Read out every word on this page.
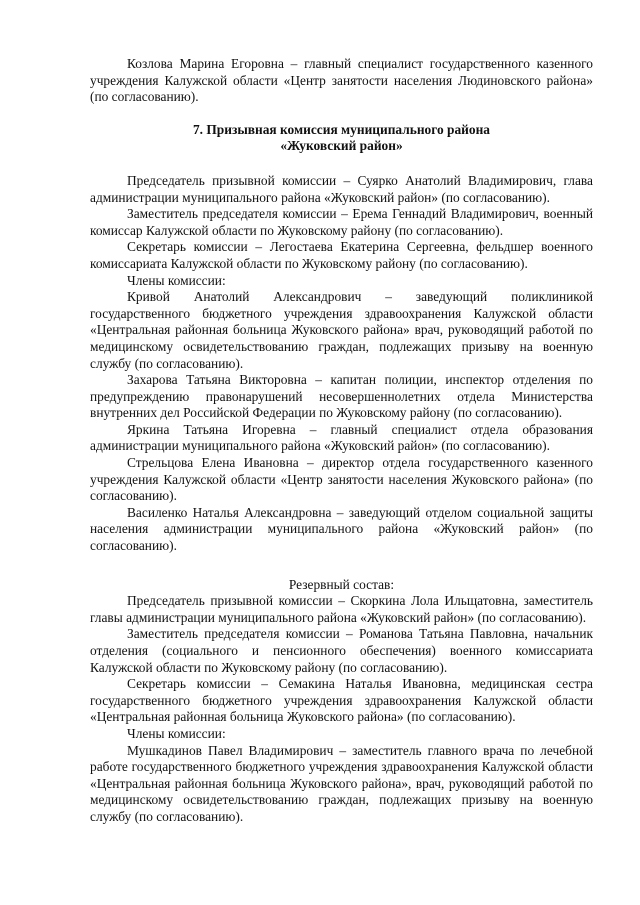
Козлова Марина Егоровна – главный специалист государственного казенного учреждения Калужской области «Центр занятости населения Людиновского района» (по согласованию).

7. Призывная комиссия муниципального района
«Жуковский район»

Председатель призывной комиссии – Суярко Анатолий Владимирович, глава администрации муниципального района «Жуковский район» (по согласованию).

Заместитель председателя комиссии – Ерема Геннадий Владимирович, военный комиссар Калужской области по Жуковскому району (по согласованию).

Секретарь комиссии – Легостаева Екатерина Сергеевна, фельдшер военного комиссариата Калужской области по Жуковскому району (по согласованию).

Члены комиссии:

Кривой Анатолий Александрович – заведующий поликлиникой государственного бюджетного учреждения здравоохранения Калужской области «Центральная районная больница Жуковского района» врач, руководящий работой по медицинскому освидетельствованию граждан, подлежащих призыву на военную службу (по согласованию).

Захарова Татьяна Викторовна – капитан полиции, инспектор отделения по предупреждению правонарушений несовершеннолетних отдела Министерства внутренних дел Российской Федерации по Жуковскому району (по согласованию).

Яркина Татьяна Игоревна – главный специалист отдела образования администрации муниципального района «Жуковский район» (по согласованию).

Стрельцова Елена Ивановна – директор отдела государственного казенного учреждения Калужской области «Центр занятости населения Жуковского района» (по согласованию).

Василенко Наталья Александровна – заведующий отделом социальной защиты населения администрации муниципального района «Жуковский район» (по согласованию).

Резервный состав:

Председатель призывной комиссии – Скоркина Лола Ильщатовна, заместитель главы администрации муниципального района «Жуковский район» (по согласованию).

Заместитель председателя комиссии – Романова Татьяна Павловна, начальник отделения (социального и пенсионного обеспечения) военного комиссариата Калужской области по Жуковскому району (по согласованию).

Секретарь комиссии – Семакина Наталья Ивановна, медицинская сестра государственного бюджетного учреждения здравоохранения Калужской области «Центральная районная больница Жуковского района» (по согласованию).

Члены комиссии:

Мушкадинов Павел Владимирович – заместитель главного врача по лечебной работе государственного бюджетного учреждения здравоохранения Калужской области «Центральная районная больница Жуковского района», врач, руководящий работой по медицинскому освидетельствованию граждан, подлежащих призыву на военную службу (по согласованию).
